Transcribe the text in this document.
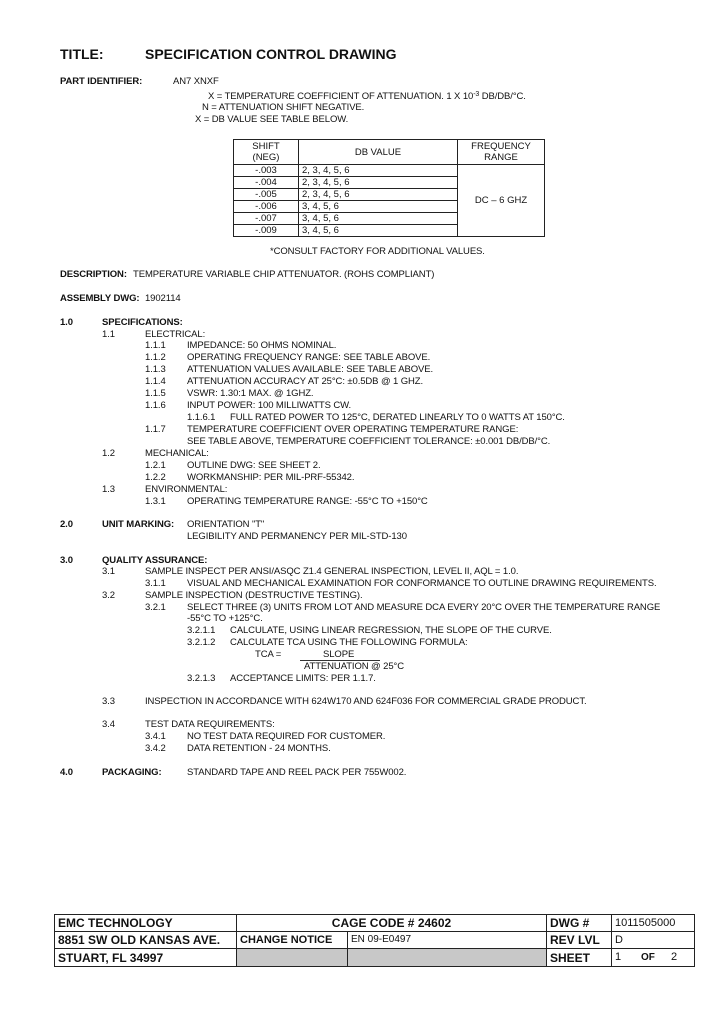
TITLE:	SPECIFICATION CONTROL DRAWING
PART IDENTIFIER:	AN7 XNXF
X = TEMPERATURE COEFFICIENT OF ATTENUATION. 1 X $10^{-3}$ DB/DB/°C.
N = ATTENUATION SHIFT NEGATIVE.
X = DB VALUE SEE TABLE BELOW.
SHIFT
(NEG)	DB VALUE	FREQUENCY
RANGE
-.003	2, 3, 4, 5, 6	DC – 6 GHZ
-.004	2, 3, 4, 5, 6	
-.005	2, 3, 4, 5, 6	
-.006	3, 4, 5, 6	
-.007	3, 4, 5, 6	
-.009	3, 4, 5, 6	
*CONSULT FACTORY FOR ADDITIONAL VALUES.
DESCRIPTION: TEMPERATURE VARIABLE CHIP ATTENUATOR. (ROHS COMPLIANT)
ASSEMBLY DWG: 1902114
1.0	SPECIFICATIONS:
1.1	ELECTRICAL:
1.1.1 IMPEDANCE: 50 OHMS NOMINAL.
1.1.2 OPERATING FREQUENCY RANGE: SEE TABLE ABOVE.
1.1.3 ATTENUATION VALUES AVAILABLE: SEE TABLE ABOVE.
1.1.4 ATTENUATION ACCURACY AT 25°C: ±0.5DB @ 1 GHZ.
1.1.5 VSWR: 1.30:1 MAX. @ 1GHZ.
1.1.6 INPUT POWER: 100 MILLIWATTS CW.
1.1.6.1 FULL RATED POWER TO 125°C, DERATED LINEARLY TO 0 WATTS AT 150°C.
1.1.7 TEMPERATURE COEFFICIENT OVER OPERATING TEMPERATURE RANGE:
SEE TABLE ABOVE, TEMPERATURE COEFFICIENT TOLERANCE: ±0.001 DB/DB/°C.
1.2	MECHANICAL:
1.2.1 OUTLINE DWG: SEE SHEET 2.
1.2.2 WORKMANSHIP: PER MIL-PRF-55342.
1.3	ENVIRONMENTAL:
1.3.1 OPERATING TEMPERATURE RANGE: -55°C TO +150°C
2.0	UNIT MARKING: ORIENTATION "T"
LEGIBILITY AND PERMANENCY PER MIL-STD-130
3.0	QUALITY ASSURANCE:
3.1	SAMPLE INSPECT PER ANSI/ASQC Z1.4 GENERAL INSPECTION, LEVEL II, AQL = 1.0.
3.1.1 VISUAL AND MECHANICAL EXAMINATION FOR CONFORMANCE TO OUTLINE DRAWING REQUIREMENTS.
3.2	SAMPLE INSPECTION (DESTRUCTIVE TESTING).
3.2.1 SELECT THREE (3) UNITS FROM LOT AND MEASURE DCA EVERY 20°C OVER THE TEMPERATURE RANGE
-55°C TO +125°C.
3.2.1.1 CALCULATE, USING LINEAR REGRESSION, THE SLOPE OF THE CURVE.
3.2.1.2 CALCULATE TCA USING THE FOLLOWING FORMULA:
TCA =	SLOPE
ATTENUATION @ 25°C
3.2.1.3 ACCEPTANCE LIMITS: PER 1.1.7.
3.3	INSPECTION IN ACCORDANCE WITH 624W170 AND 624F036 FOR COMMERCIAL GRADE PRODUCT.
3.4	TEST DATA REQUIREMENTS:
3.4.1 NO TEST DATA REQUIRED FOR CUSTOMER.
3.4.2 DATA RETENTION - 24 MONTHS.
4.0	PACKAGING:	STANDARD TAPE AND REEL PACK PER 755W002.
EMC TECHNOLOGY	CAGE CODE # 24602		DWG #	1011505000
8851 SW OLD KANSAS AVE.	CHANGE NOTICE	EN 09-E0497	REV LVL	D
STUART, FL 34997			SHEET	1 OF 2
